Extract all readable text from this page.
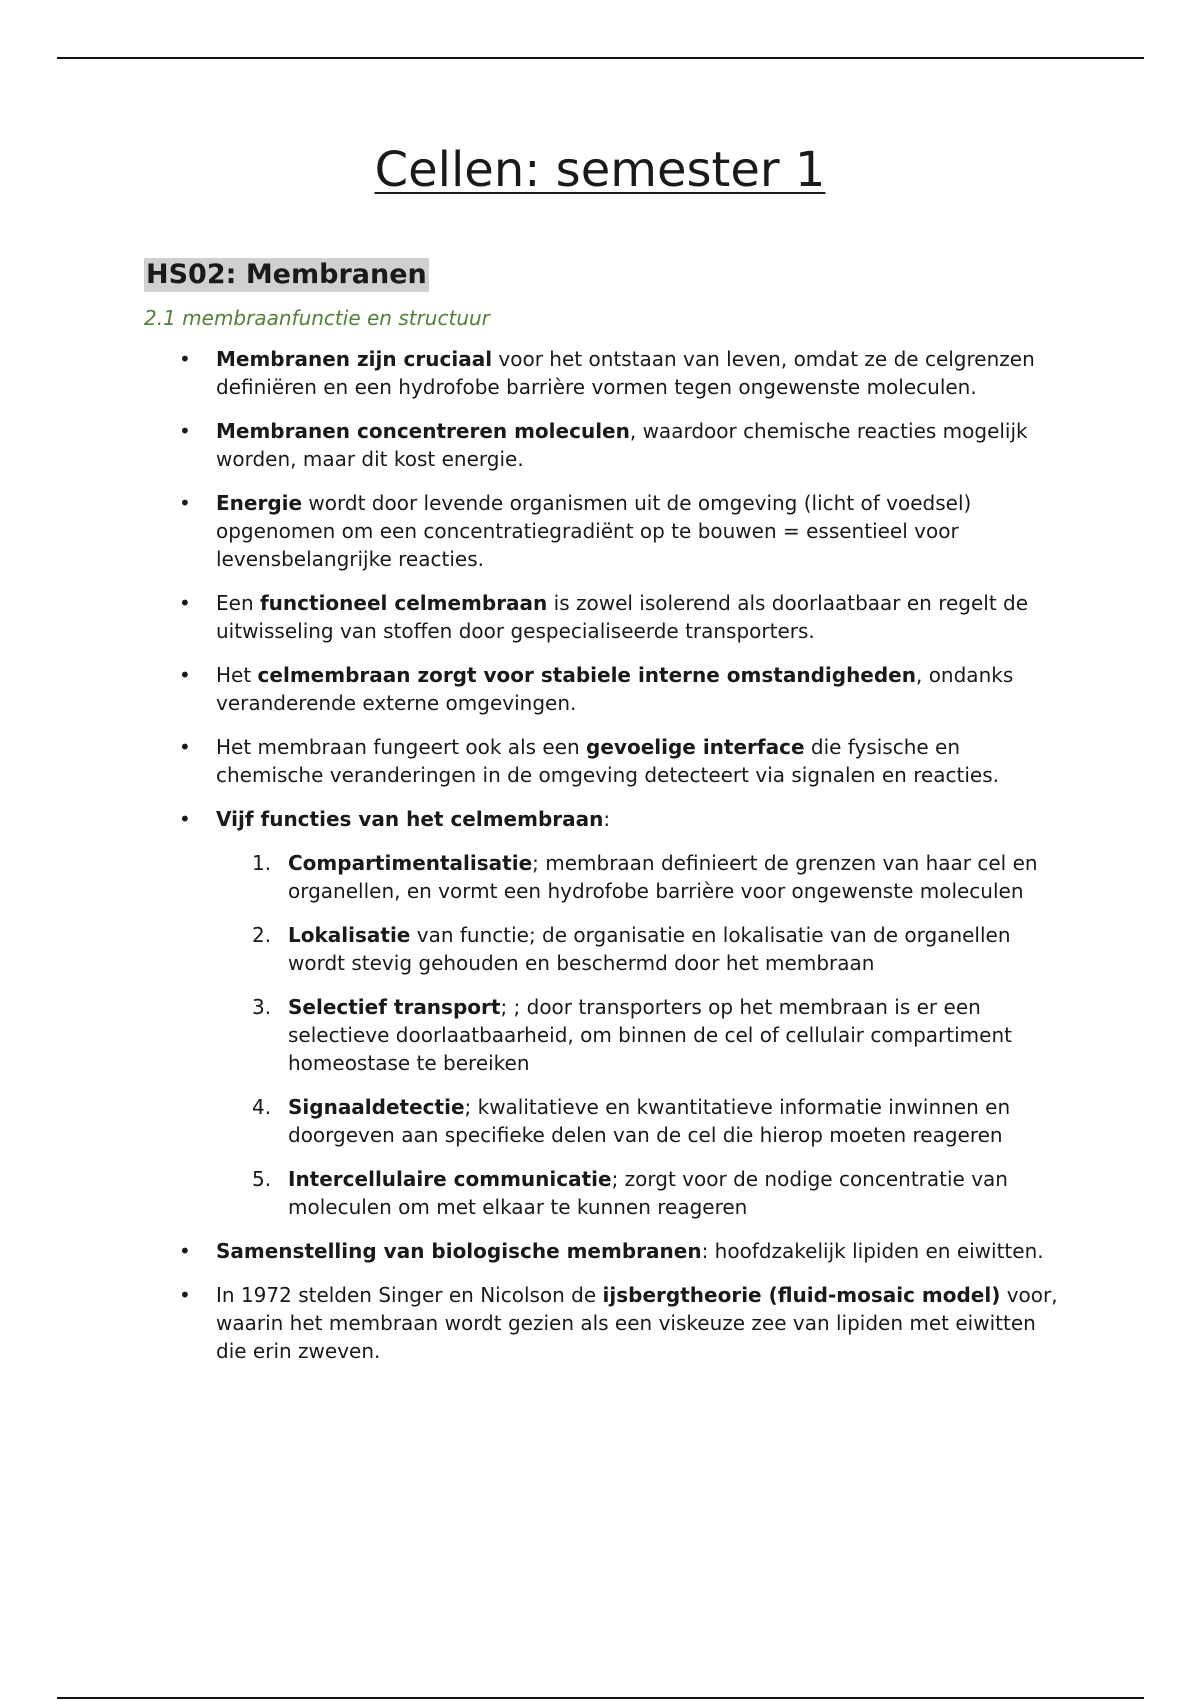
Cellen: semester 1
HS02: Membranen

2.1 membraanfunctie en structuur

• Membranen zijn cruciaal voor het ontstaan van leven, omdat ze de celgrenzen definiëren en een hydrofobe barrière vormen tegen ongewenste moleculen.
• Membranen concentreren moleculen, waardoor chemische reacties mogelijk worden, maar dit kost energie.
• Energie wordt door levende organismen uit de omgeving (licht of voedsel) opgenomen om een concentratiegradiënt op te bouwen = essentieel voor levensbelangrijke reacties.
• Een functioneel celmembraan is zowel isolerend als doorlaatbaar en regelt de uitwisseling van stoffen door gespecialiseerde transporters.
• Het celmembraan zorgt voor stabiele interne omstandigheden, ondanks veranderende externe omgevingen.
• Het membraan fungeert ook als een gevoelige interface die fysische en chemische veranderingen in de omgeving detecteert via signalen en reacties.
• Vijf functies van het celmembraan:
1. Compartimentalisatie; membraan definieert de grenzen van haar cel en organellen, en vormt een hydrofobe barrière voor ongewenste moleculen
2. Lokalisatie van functie; de organisatie en lokalisatie van de organellen wordt stevig gehouden en beschermd door het membraan
3. Selectief transport; ; door transporters op het membraan is er een selectieve doorlaatbaarheid, om binnen de cel of cellulair compartiment homeostase te bereiken
4. Signaaldetectie; kwalitatieve en kwantitatieve informatie inwinnen en doorgeven aan specifieke delen van de cel die hierop moeten reageren
5. Intercellulaire communicatie; zorgt voor de nodige concentratie van moleculen om met elkaar te kunnen reageren
• Samenstelling van biologische membranen: hoofdzakelijk lipiden en eiwitten.
• In 1972 stelden Singer en Nicolson de ijsbergtheorie (fluid-mosaic model) voor, waarin het membraan wordt gezien als een viskeuze zee van lipiden met eiwitten die erin zweven.
